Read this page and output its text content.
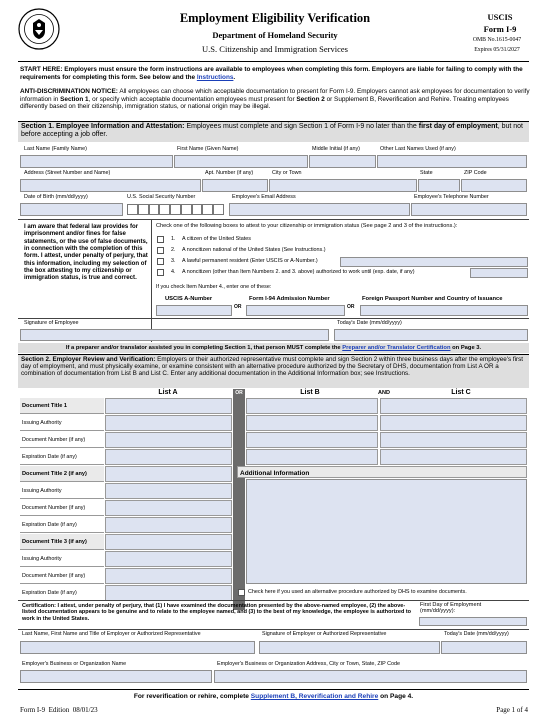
Employment Eligibility Verification
Department of Homeland Security
U.S. Citizenship and Immigration Services
USCIS
Form I-9
OMB No.1615-0047
Expires 05/31/2027
START HERE: Employers must ensure the form instructions are available to employees when completing this form. Employers are liable for failing to comply with the requirements for completing this form. See below and the Instructions.
ANTI-DISCRIMINATION NOTICE: All employees can choose which acceptable documentation to present for Form I-9. Employers cannot ask employees for documentation to verify information in Section 1, or specify which acceptable documentation employees must present for Section 2 or Supplement B, Reverification and Rehire. Treating employees differently based on their citizenship, immigration status, or national origin may be illegal.
Section 1. Employee Information and Attestation: Employees must complete and sign Section 1 of Form I-9 no later than the first day of employment, but not before accepting a job offer.
Last Name (Family Name)	First Name (Given Name)	Middle Initial (if any)	Other Last Names Used (if any)
Address (Street Number and Name)	Apt. Number (if any)	City or Town	State	ZIP Code
Date of Birth (mm/dd/yyyy)	U.S. Social Security Number	Employee's Email Address	Employee's Telephone Number
I am aware that federal law provides for imprisonment and/or fines for false statements, or the use of false documents, in connection with the completion of this form. I attest, under penalty of perjury, that this information, including my selection of the box attesting to my citizenship or immigration status, is true and correct.
Check one of the following boxes to attest to your citizenship or immigration status (See page 2 and 3 of the instructions.):
1. A citizen of the United States
2. A noncitizen national of the United States (See Instructions.)
3. A lawful permanent resident (Enter USCIS or A-Number.)
4. A noncitizen (other than Item Numbers 2. and 3. above) authorized to work until (exp. date, if any)
If you check Item Number 4., enter one of these:
USCIS A-Number
OR
Form I-94 Admission Number
OR
Foreign Passport Number and Country of Issuance
Signature of Employee	Today's Date (mm/dd/yyyy)
If a preparer and/or translator assisted you in completing Section 1, that person MUST complete the Preparer and/or Translator Certification on Page 3.
Section 2. Employer Review and Verification: Employers or their authorized representative must complete and sign Section 2 within three business days after the employee's first day of employment, and must physically examine, or examine consistent with an alternative procedure authorized by the Secretary of DHS, documentation from List A OR a combination of documentation from List B and List C. Enter any additional documentation in the Additional Information box; see Instructions.
List A	OR	List B	AND	List C
Document Title 1
Issuing Authority
Document Number (if any)
Expiration Date (if any)
Document Title 2 (if any)
Issuing Authority
Document Number (if any)
Expiration Date (if any)
Document Title 3 (if any)
Issuing Authority
Document Number (if any)
Expiration Date (if any)
Additional Information
Check here if you used an alternative procedure authorized by DHS to examine documents.
Certification: I attest, under penalty of perjury, that (1) I have examined the documentation presented by the above-named employee, (2) the above-listed documentation appears to be genuine and to relate to the employee named, and (3) to the best of my knowledge, the employee is authorized to work in the United States.
First Day of Employment (mm/dd/yyyy):
Last Name, First Name and Title of Employer or Authorized Representative	Signature of Employer or Authorized Representative	Today's Date (mm/dd/yyyy)
Employer's Business or Organization Name	Employer's Business or Organization Address, City or Town, State, ZIP Code
For reverification or rehire, complete Supplement B, Reverification and Rehire on Page 4.
Form I-9  Edition  08/01/23	Page 1 of 4
